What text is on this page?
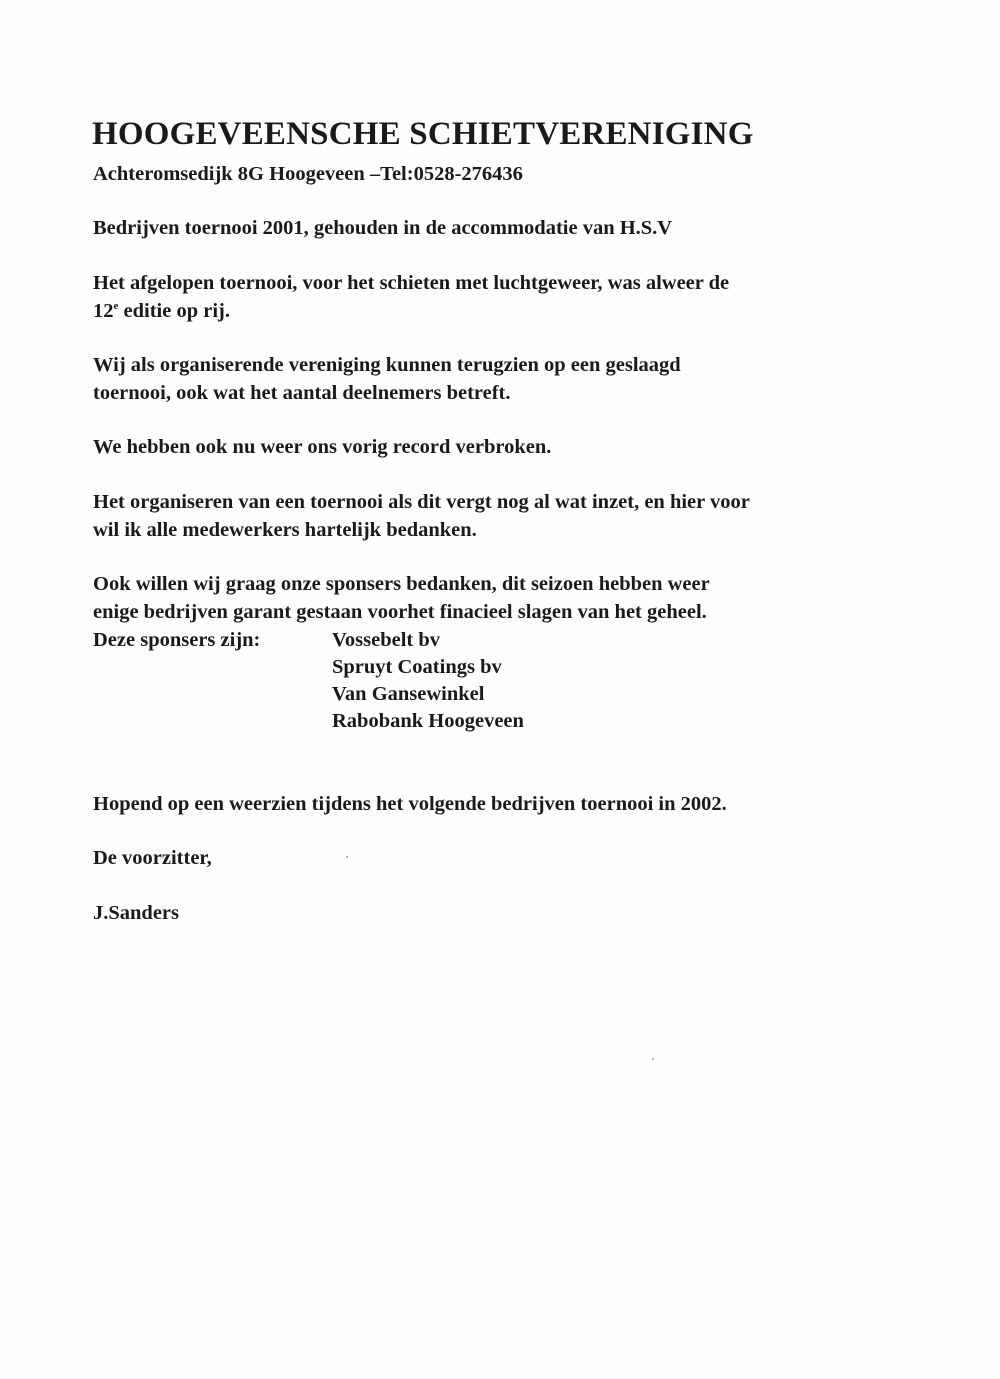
HOOGEVEENSCHE SCHIETVERENIGING
Achteromsedijk 8G Hoogeveen –Tel:0528-276436
Bedrijven toernooi 2001, gehouden in de accommodatie van H.S.V
Het afgelopen toernooi, voor het schieten met luchtgeweer, was alweer de
12e editie op rij.
Wij als organiserende vereniging kunnen terugzien op een geslaagd
toernooi, ook wat het aantal deelnemers betreft.
We hebben ook nu weer ons vorig record verbroken.
Het organiseren van een toernooi als dit vergt nog al wat inzet, en hier voor
wil ik alle medewerkers hartelijk bedanken.
Ook willen wij graag onze sponsers bedanken, dit seizoen hebben weer
enige bedrijven garant gestaan voorhet finacieel slagen van het geheel.
Deze sponsers zijn:	Vossebelt bv
Spruyt Coatings bv
Van Gansewinkel
Rabobank Hoogeveen
Hopend op een weerzien tijdens het volgende bedrijven toernooi in 2002.
De voorzitter,
J.Sanders
